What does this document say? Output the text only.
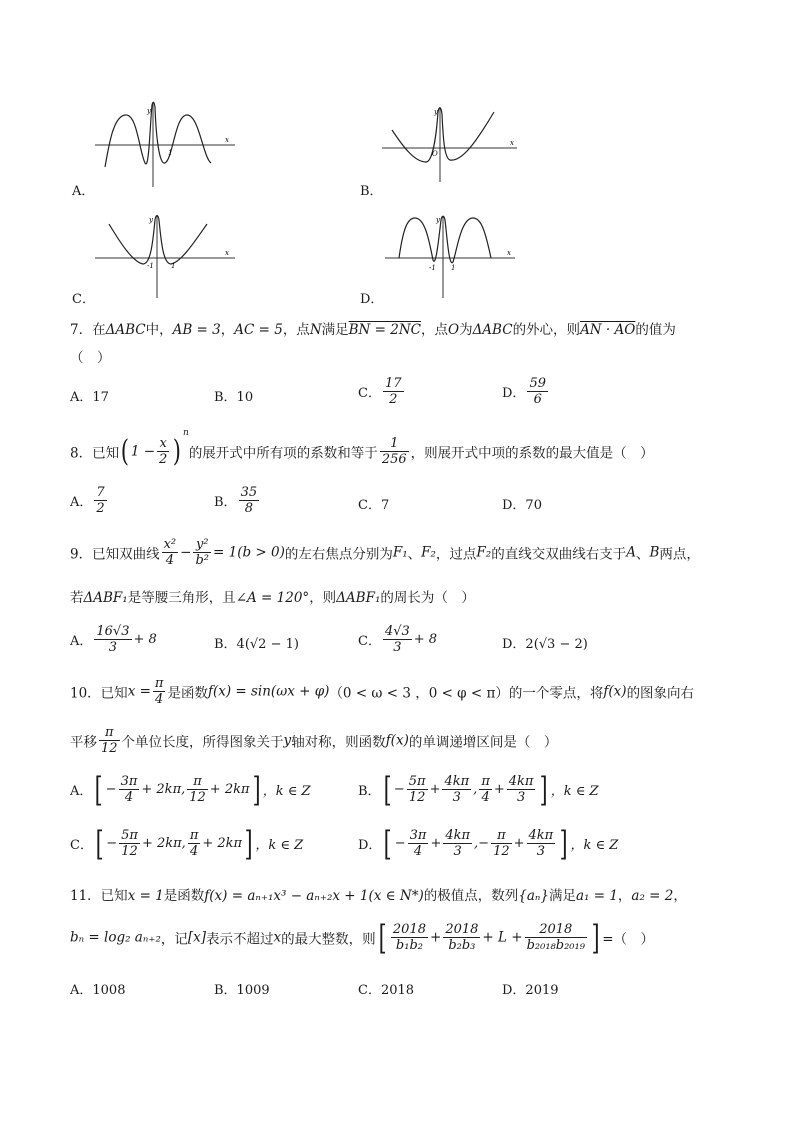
A．	B．
C．	D．
x
y
1
x
y
O
x
y
-1 1
x
y
-1 1
7．在ΔABC中，AB = 3，AC = 5，点N满足BN = 2NC，点O为ΔABC的外心，则AN · AO的值为
（　）
A．17	B．10	C． $\frac{17}{2}$	D． $\frac{59}{6}$
8．已知( $1 - \frac{x}{2} )^n$的展开式中所有项的系数和等于 $\frac{1}{256}$ ，则展开式中项的系数的最大值是（　）
A． $\frac{7}{2}$	B． $\frac{35}{8}$	C．7	D．70
9．已知双曲线 $\frac{\text{x²}}{4} - \frac{\text{y²}}{\text{b²}} = 1(b > 0)$的左右焦点分别为F₁、F₂，过点F₂的直线交双曲线右支于A、B两点，
若ΔABF₁是等腰三角形，且∠A = 120°，则ΔABF₁的周长为（　）
A． $\frac{16√3}{3} + 8$	B．4(√2 − 1)	C． $\frac{4√3}{3} + 8$	D．2(√3 − 2)
10．已知$x = \frac{\pi}{4}$ 是函数f(x) = sin(ωx + φ)（0 < ω < 3 ，0 < φ < π）的一个零点，将f(x)的图象向右
平移 $\frac{\pi}{12}$ 个单位长度，所得图象关于y轴对称，则函数f(x)的单调递增区间是（　）
A．[ − $\frac{3\pi}{4} + 2k\pi$, $\frac{\pi}{12} + 2k\pi$] ，k ∈ Z	B．[ − $\frac{5\pi}{12} + \frac{4k\pi}{3}$ , $\frac{\pi}{4} + \frac{4k\pi}{3}$ ] ，k ∈ Z
C．[ − $\frac{5\pi}{12} + 2k\pi$, $\frac{\pi}{4} + 2k\pi$] ，k ∈ Z	D．[ − $\frac{3\pi}{4} + \frac{4k\pi}{3}$ ,− $\frac{\pi}{12} + \frac{4k\pi}{3}$ ] ，k ∈ Z
11．已知x = 1是函数f(x) = aₙ₊₁x³ − aₙ₊₂x + 1(x ∈ N*)的极值点，数列{aₙ}满足a₁ = 1，a₂ = 2，
bₙ = log₂ aₙ₊₂，记[x]表示不超过x的最大整数，则[ $\frac{2018}{\text{b₁b₂}} + \frac{2018}{\text{b₂b₃}} + L + \frac{2018}{\text{b₂₀₁₈b₂₀₁₉}}$ ] =（　）
A．1008	B．1009	C．2018	D．2019
